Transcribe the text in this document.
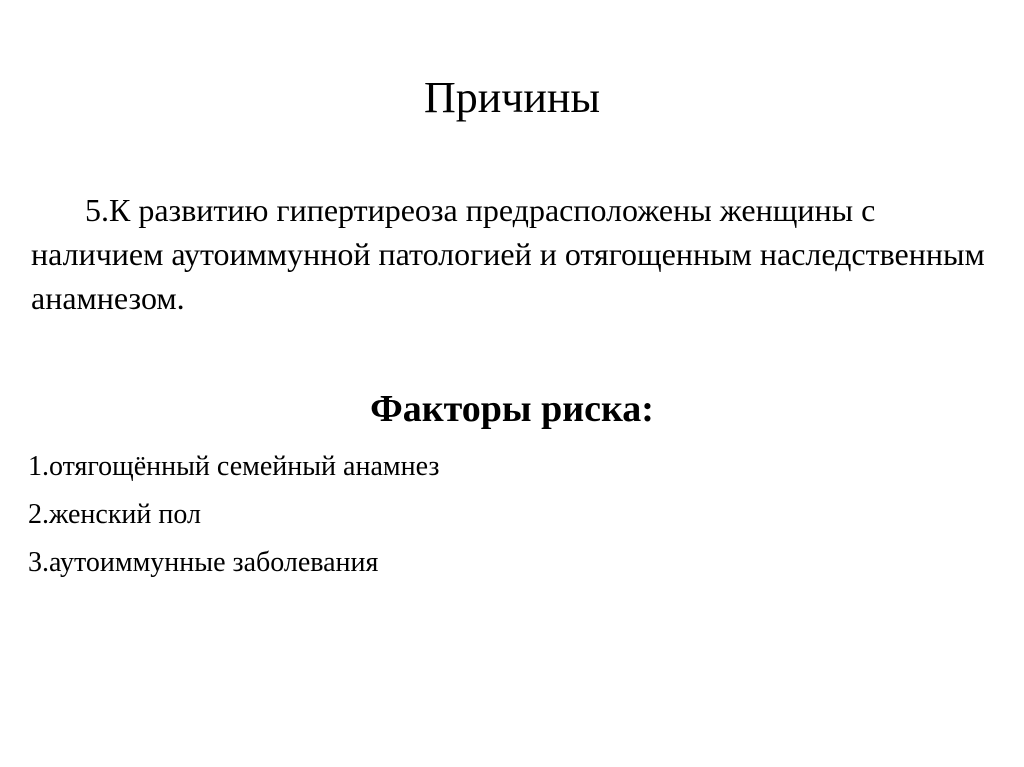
Причины

5.К развитию гипертиреоза предрасположены женщины с наличием аутоиммунной патологией и отягощенным наследственным анамнезом.

Факторы риска:
1.отягощённый семейный анамнез
2.женский пол
3.аутоиммунные заболевания
